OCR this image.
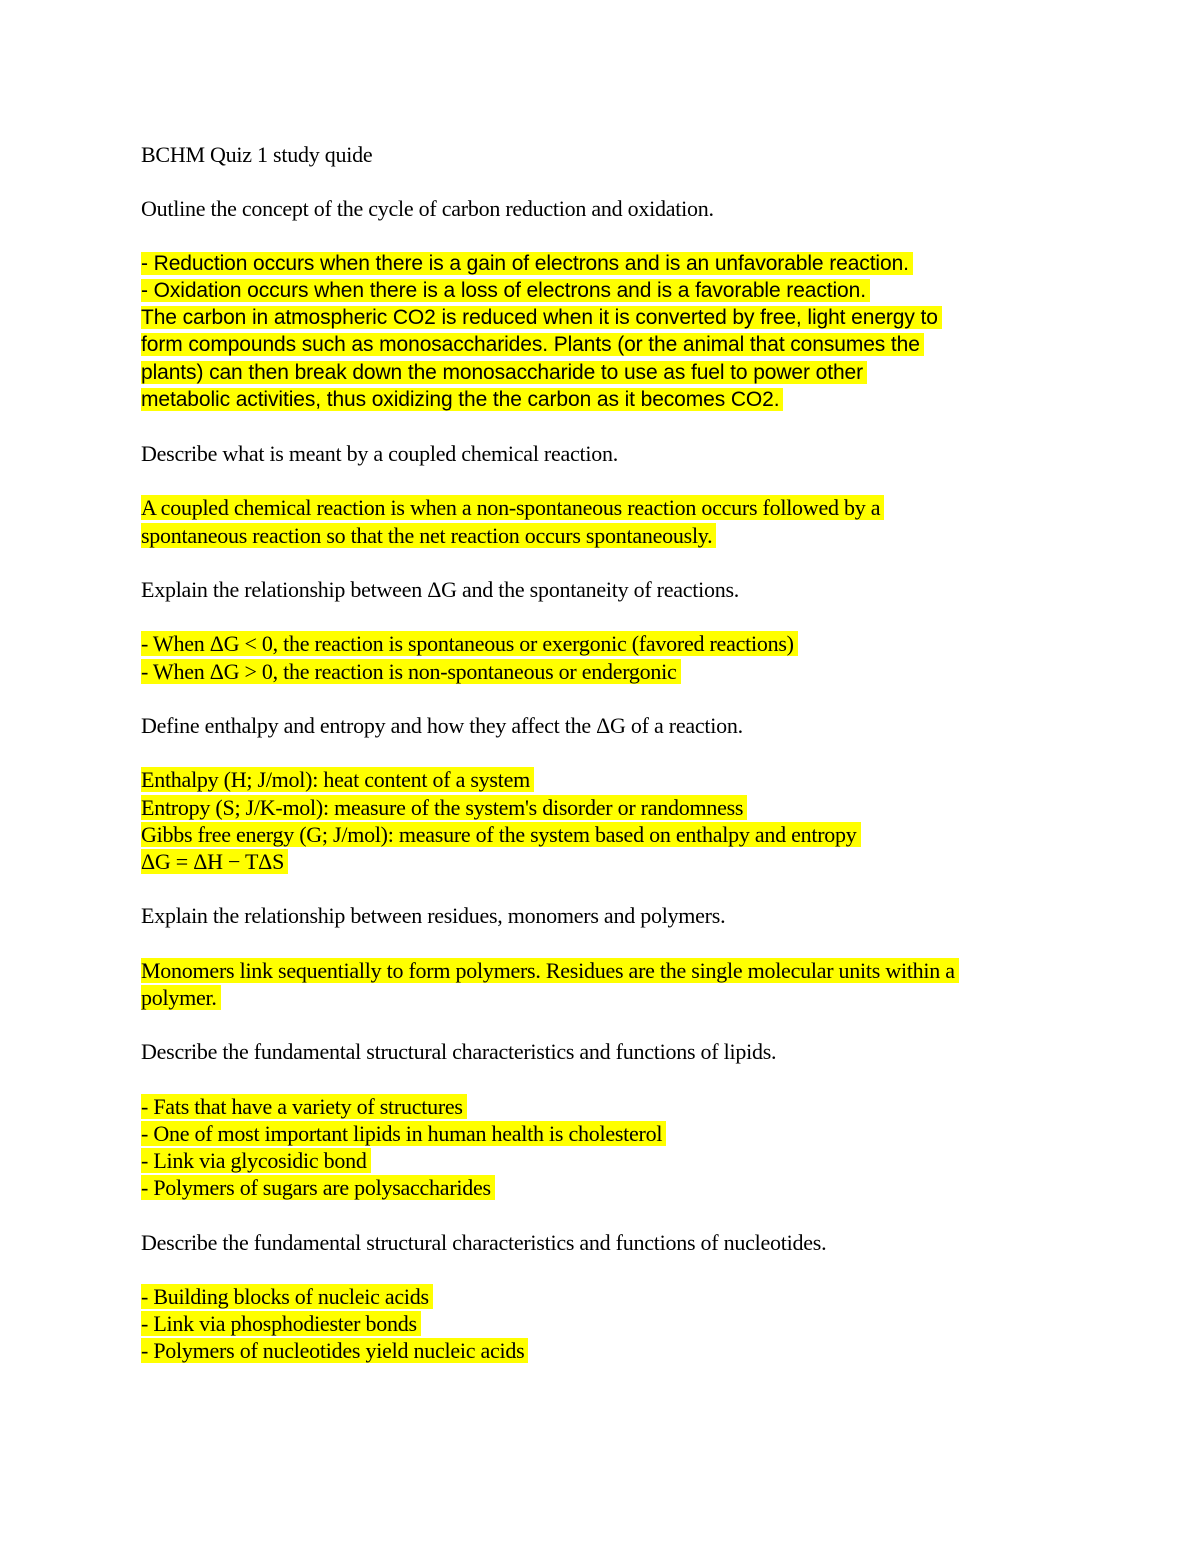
BCHM Quiz 1 study quide
Outline the concept of the cycle of carbon reduction and oxidation.
- Reduction occurs when there is a gain of electrons and is an unfavorable reaction.
- Oxidation occurs when there is a loss of electrons and is a favorable reaction.
The carbon in atmospheric CO2 is reduced when it is converted by free, light energy to
form compounds such as monosaccharides. Plants (or the animal that consumes the
plants) can then break down the monosaccharide to use as fuel to power other
metabolic activities, thus oxidizing the the carbon as it becomes CO2.
Describe what is meant by a coupled chemical reaction.
A coupled chemical reaction is when a non-spontaneous reaction occurs followed by a
spontaneous reaction so that the net reaction occurs spontaneously.
Explain the relationship between ΔG and the spontaneity of reactions.
- When ΔG < 0, the reaction is spontaneous or exergonic (favored reactions)
- When ΔG > 0, the reaction is non-spontaneous or endergonic
Define enthalpy and entropy and how they affect the ΔG of a reaction.
Enthalpy (H; J/mol): heat content of a system
Entropy (S; J/K-mol): measure of the system's disorder or randomness
Gibbs free energy (G; J/mol): measure of the system based on enthalpy and entropy
ΔG = ΔH − TΔS
Explain the relationship between residues, monomers and polymers.
Monomers link sequentially to form polymers. Residues are the single molecular units within a
polymer.
Describe the fundamental structural characteristics and functions of lipids.
- Fats that have a variety of structures
- One of most important lipids in human health is cholesterol
- Link via glycosidic bond
- Polymers of sugars are polysaccharides
Describe the fundamental structural characteristics and functions of nucleotides.
- Building blocks of nucleic acids
- Link via phosphodiester bonds
- Polymers of nucleotides yield nucleic acids
